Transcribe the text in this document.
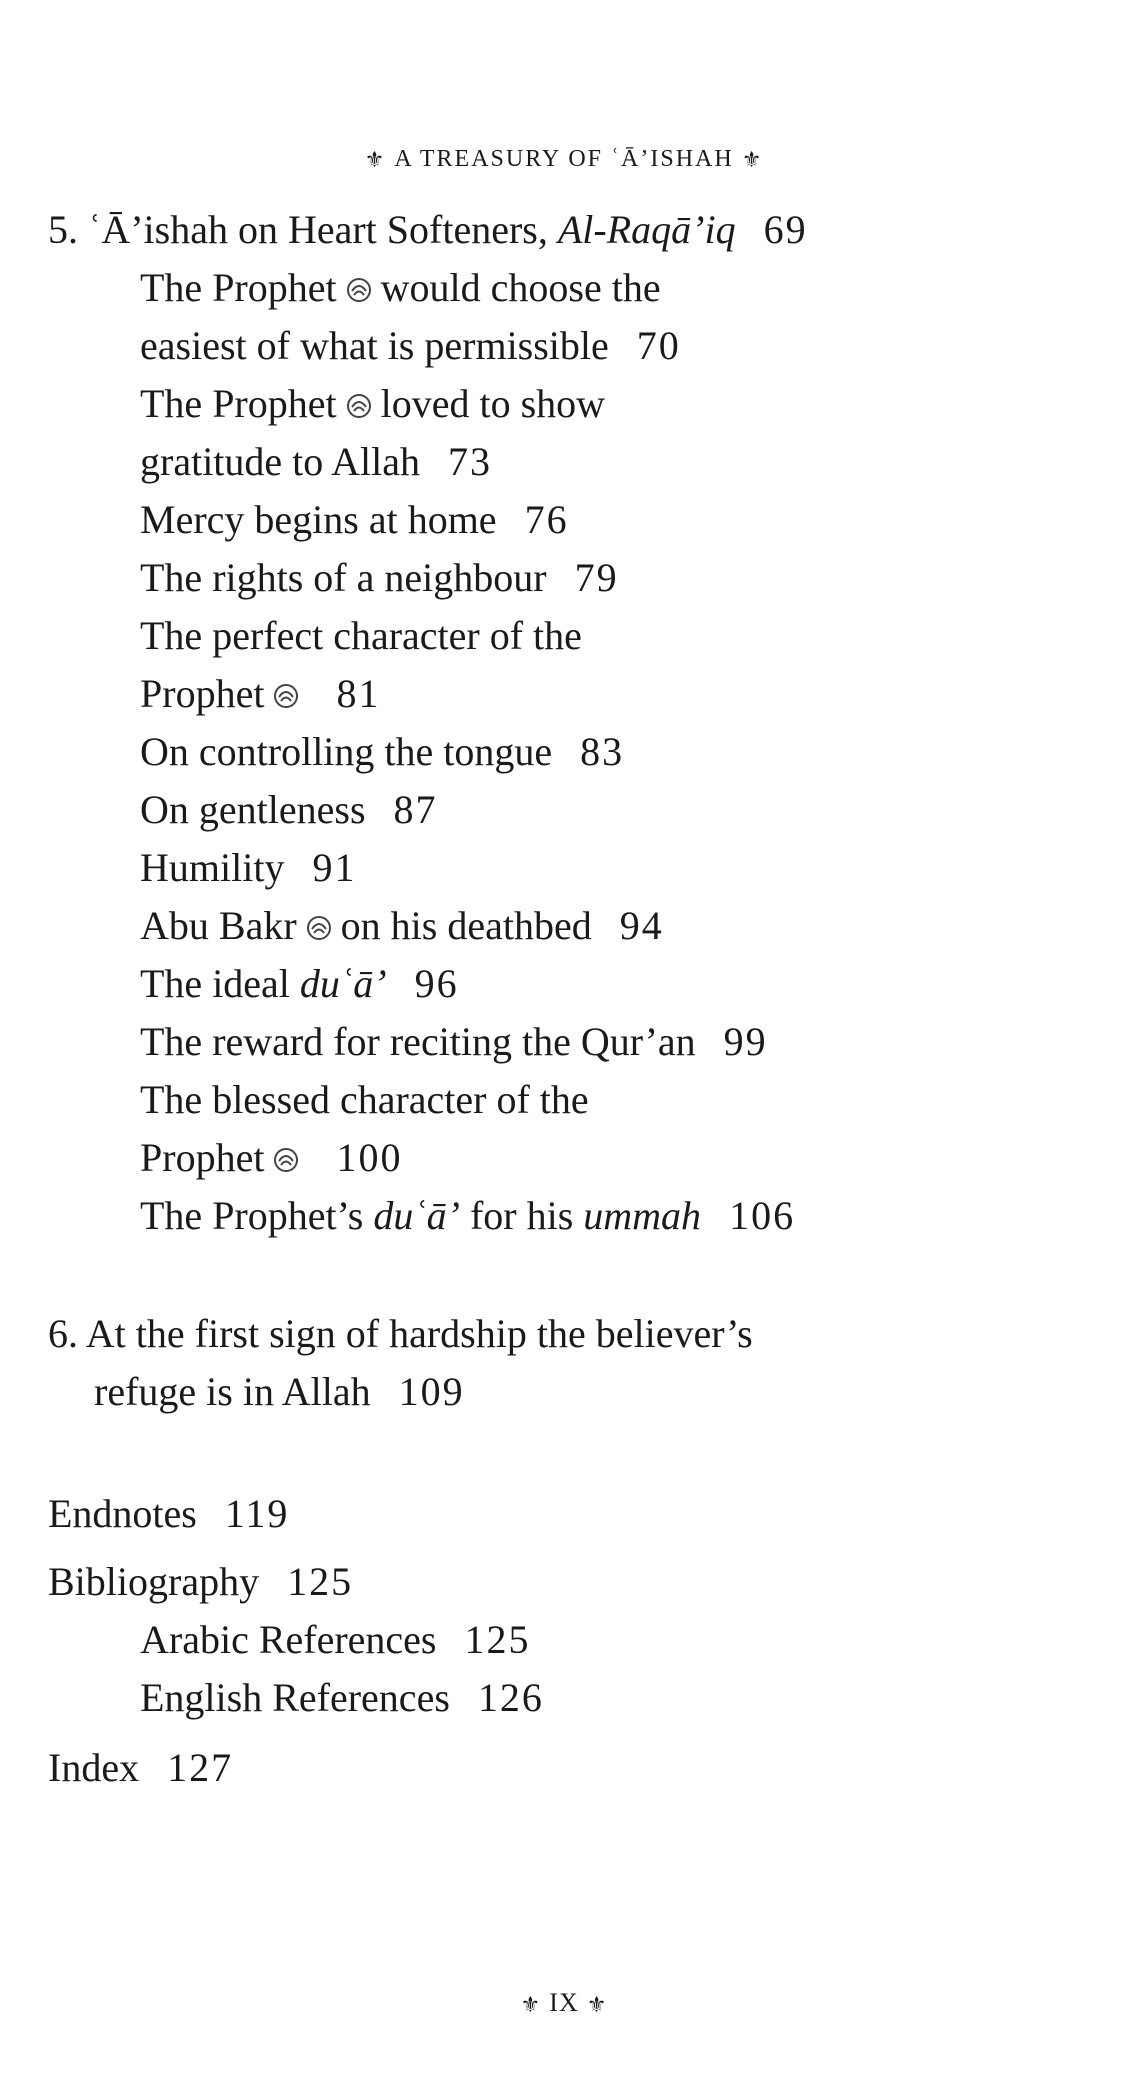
⚜ A TREASURY OF ʿĀ’ISHAH ⚜
5. ʿĀ’ishah on Heart Softeners, Al-Raqā’iq 69
The Prophet would choose the
easiest of what is permissible 70
The Prophet loved to show
gratitude to Allah 73
Mercy begins at home 76
The rights of a neighbour 79
The perfect character of the
Prophet 81
On controlling the tongue 83
On gentleness 87
Humility 91
Abu Bakr on his deathbed 94
The ideal duʿā’ 96
The reward for reciting the Qur’an 99
The blessed character of the
Prophet 100
The Prophet’s duʿā’ for his ummah 106
6. At the first sign of hardship the believer’s
refuge is in Allah 109
Endnotes 119
Bibliography 125
Arabic References 125
English References 126
Index 127
⚜ IX ⚜
